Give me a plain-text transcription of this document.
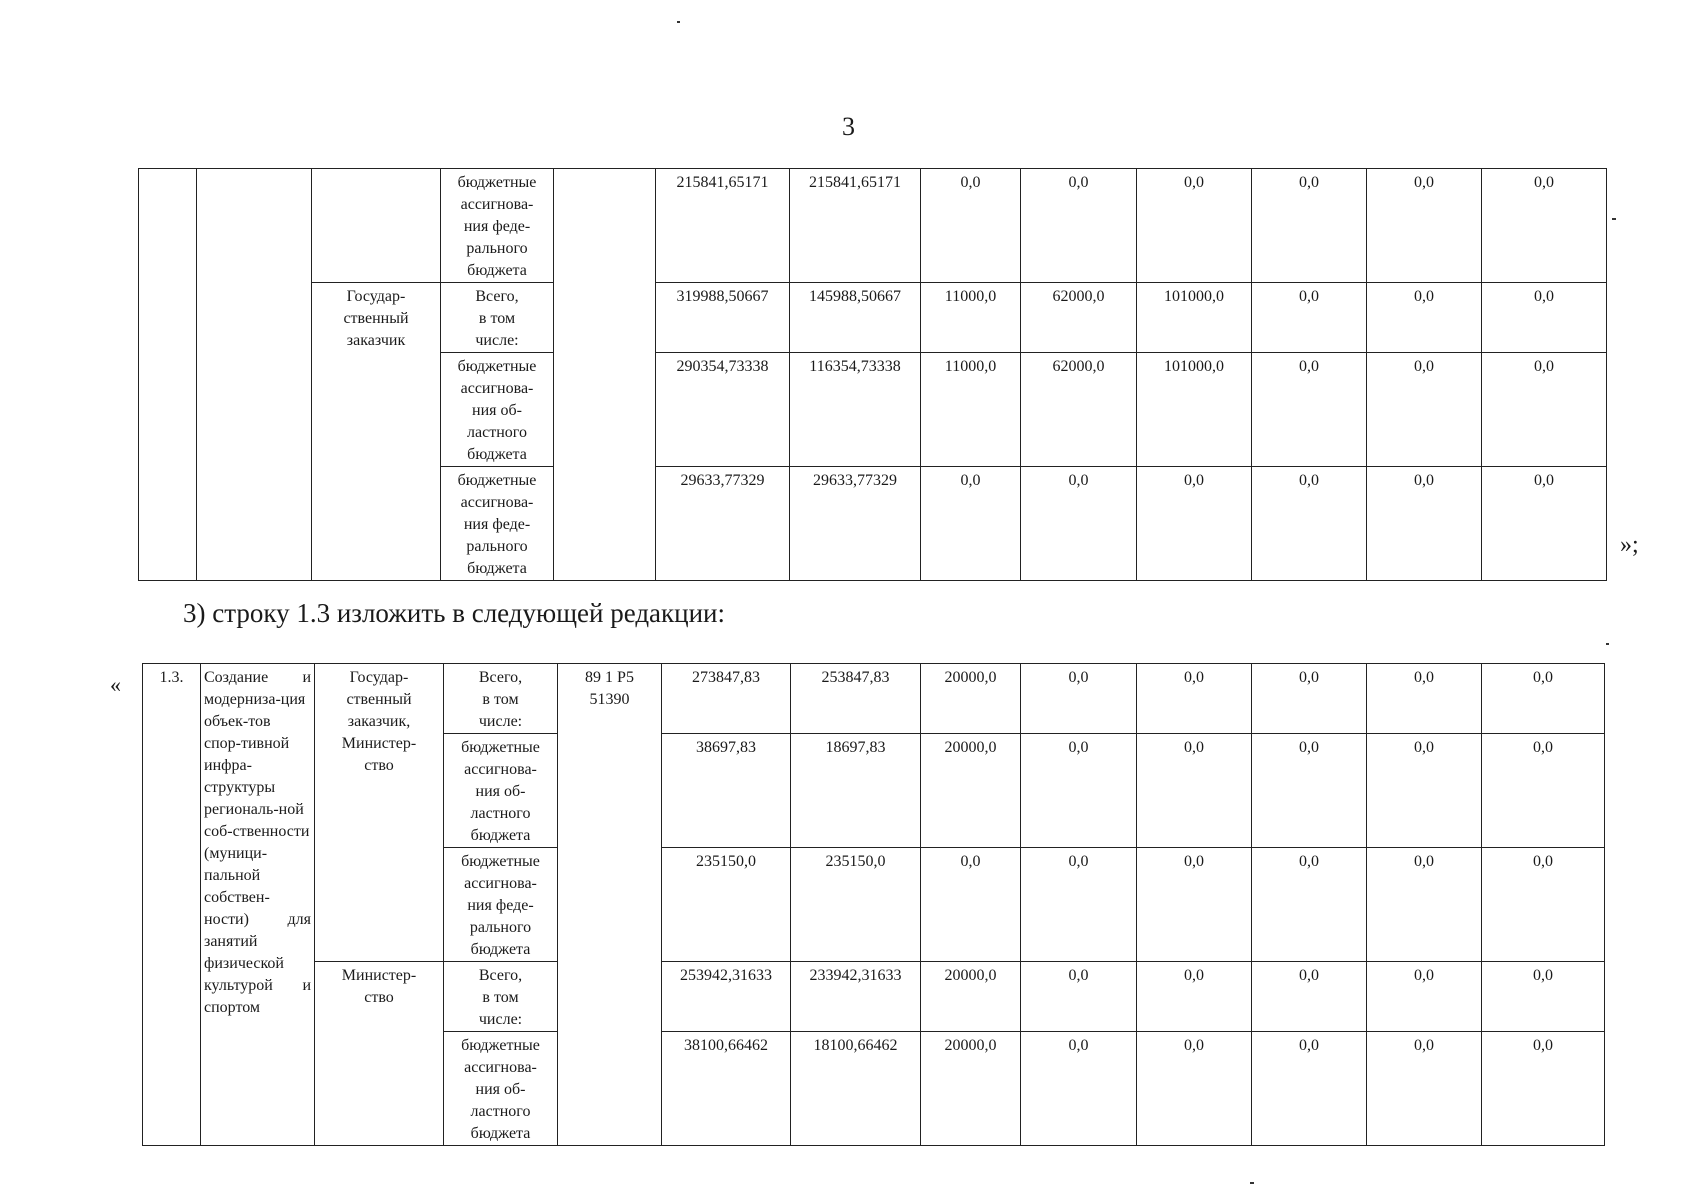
3

			бюджетные
ассигнова-
ния феде-
рального
бюджета		215841,65171	215841,65171	0,0	0,0	0,0	0,0	0,0	0,0

		Государ-
ственный
заказчик	Всего,
в том
числе:		319988,50667	145988,50667	11000,0	62000,0	101000,0	0,0	0,0	0,0

			бюджетные
ассигнова-
ния об-
ластного
бюджета		290354,73338	116354,73338	11000,0	62000,0	101000,0	0,0	0,0	0,0

			бюджетные
ассигнова-
ния феде-
рального
бюджета		29633,77329	29633,77329	0,0	0,0	0,0	0,0	0,0	0,0
»;
3) строку 1.3 изложить в следующей редакции:
« 1.3.	Создание и модерниза-ция объек-тов спор-тивной инфра-структуры региональ-ной соб-ственности (муници-пальной собствен-ности) для занятий физической культурой и спортом	Государ-
ственный
заказчик,
Министер-
ство	Всего,
в том
числе:	89 1 P5
51390	273847,83	253847,83	20000,0	0,0	0,0	0,0	0,0	0,0

			бюджетные
ассигнова-
ния об-
ластного
бюджета		38697,83	18697,83	20000,0	0,0	0,0	0,0	0,0	0,0

			бюджетные
ассигнова-
ния феде-
рального
бюджета		235150,0	235150,0	0,0	0,0	0,0	0,0	0,0	0,0

		Министер-
ство	Всего,
в том
числе:		253942,31633	233942,31633	20000,0	0,0	0,0	0,0	0,0	0,0

			бюджетные
ассигнова-
ния об-
ластного
бюджета		38100,66462	18100,66462	20000,0	0,0	0,0	0,0	0,0	0,0
